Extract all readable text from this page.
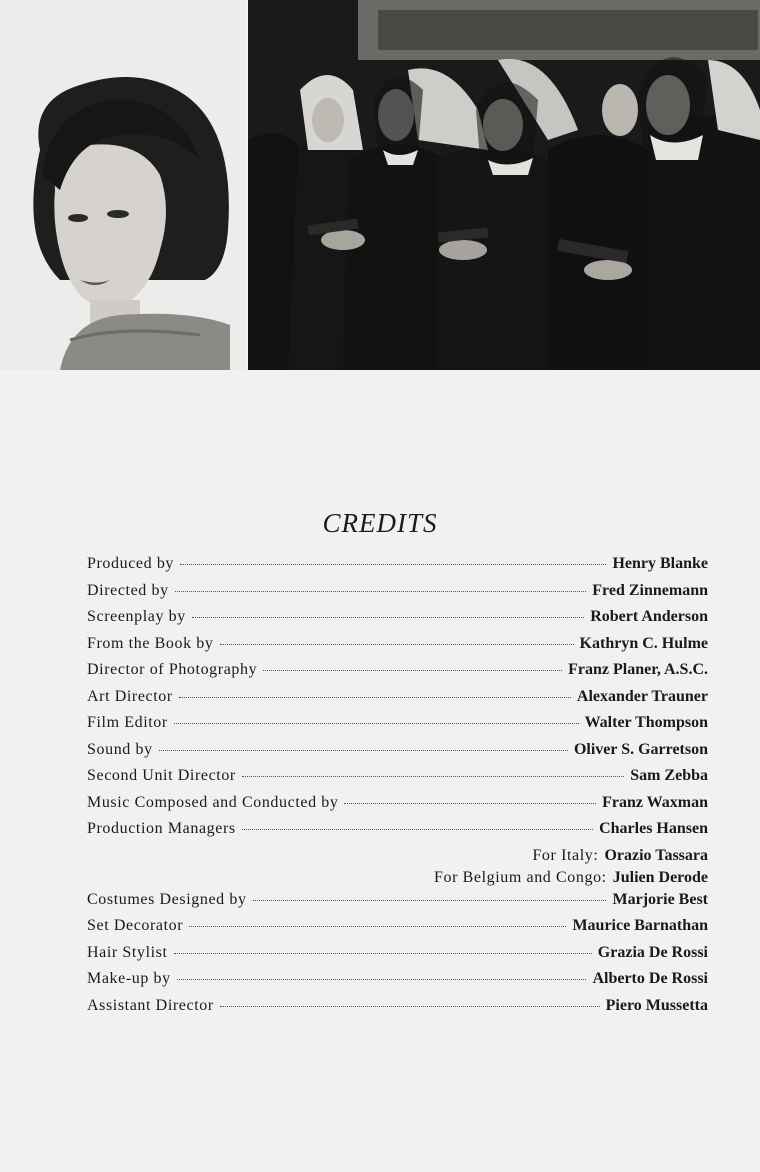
CREDITS
Produced by	Henry Blanke
Directed by	Fred Zinnemann
Screenplay by	Robert Anderson
From the Book by	Kathryn C. Hulme
Director of Photography	Franz Planer, A.S.C.
Art Director	Alexander Trauner
Film Editor	Walter Thompson
Sound by	Oliver S. Garretson
Second Unit Director	Sam Zebba
Music Composed and Conducted by	Franz Waxman
Production Managers	Charles Hansen
For Italy: Orazio Tassara
For Belgium and Congo: Julien Derode
Costumes Designed by	Marjorie Best
Set Decorator	Maurice Barnathan
Hair Stylist	Grazia De Rossi
Make-up by	Alberto De Rossi
Assistant Director	Piero Mussetta
